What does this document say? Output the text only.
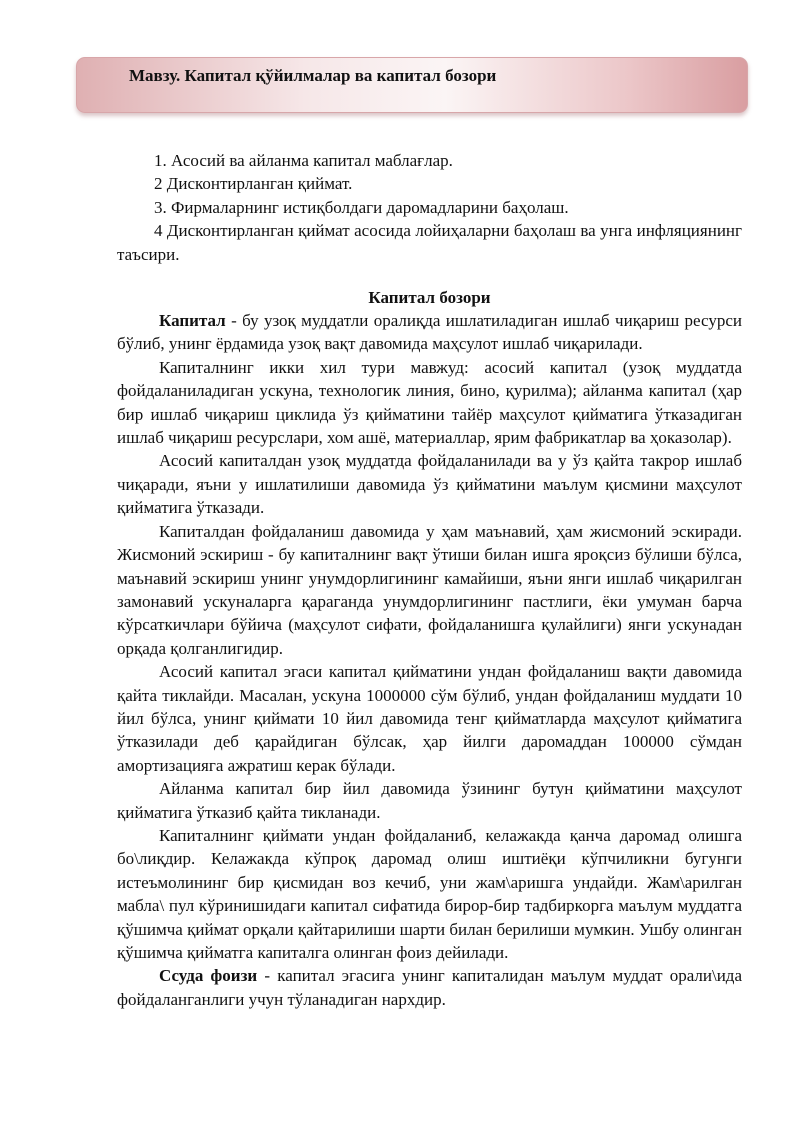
Мавзу. Капитал қўйилмалар ва капитал бозори
1. Асосий ва айланма капитал маблағлар.
2 Дисконтирланган қиймат.
3. Фирмаларнинг истиқболдаги даромадларини баҳолаш.
4 Дисконтирланган қиймат асосида лойиҳаларни баҳолаш ва унга инфляциянинг таъсири.
Капитал бозори

Капитал - бу узоқ муддатли оралиқда ишлатиладиган ишлаб чиқариш ресурси бўлиб, унинг ёрдамида узоқ вақт давомида маҳсулот ишлаб чиқарилади.

Капиталнинг икки хил тури мавжуд: асосий капитал (узоқ муддатда фойдаланиладиган ускуна, технологик линия, бино, қурилма); айланма капитал (ҳар бир ишлаб чиқариш циклида ўз қийматини тайёр маҳсулот қийматига ўтказадиган ишлаб чиқариш ресурслари, хом ашё, материаллар, ярим фабрикатлар ва ҳоказолар).

Асосий капиталдан узоқ муддатда фойдаланилади ва у ўз қайта такрор ишлаб чиқаради, яъни у ишлатилиши давомида ўз қийматини маълум қисмини маҳсулот қийматига ўтказади.

Капиталдан фойдаланиш давомида у ҳам маънавий, ҳам жисмоний эскиради. Жисмоний эскириш - бу капиталнинг вақт ўтиши билан ишга яроқсиз бўлиши бўлса, маънавий эскириш унинг унумдорлигининг камайиши, яъни янги ишлаб чиқарилган замонавий ускуналарга қараганда унумдорлигининг пастлиги, ёки умуман барча кўрсаткичлари бўйича (маҳсулот сифати, фойдаланишга қулайлиги) янги ускунадан орқада қолганлигидир.

Асосий капитал эгаси капитал қийматини ундан фойдаланиш вақти давомида қайта тиклайди. Масалан, ускуна 1000000 сўм бўлиб, ундан фойдаланиш муддати 10 йил бўлса, унинг қиймати 10 йил давомида тенг қийматларда маҳсулот қийматига ўтказилади деб қарайдиган бўлсак, ҳар йилги даромаддан 100000 сўмдан амортизацияга ажратиш керак бўлади.

Айланма капитал бир йил давомида ўзининг бутун қийматини маҳсулот қийматига ўтказиб қайта тикланади.

Капиталнинг қиймати ундан фойдаланиб, келажакда қанча даромад олишга бо\лиқдир. Келажакда кўпроқ даромад олиш иштиёқи кўпчиликни бугунги истеъмолининг бир қисмидан воз кечиб, уни жам\аришга ундайди. Жам\арилган мабла\ пул кўринишидаги капитал сифатида бирор-бир тадбиркорга маълум муддатга қўшимча қиймат орқали қайтарилиши шарти билан берилиши мумкин. Ушбу олинган қўшимча қийматга капиталга олинган фоиз дейилади.

Ссуда фоизи - капитал эгасига унинг капиталидан маълум муддат орали\ида фойдаланганлиги учун тўланадиган нархдир.
